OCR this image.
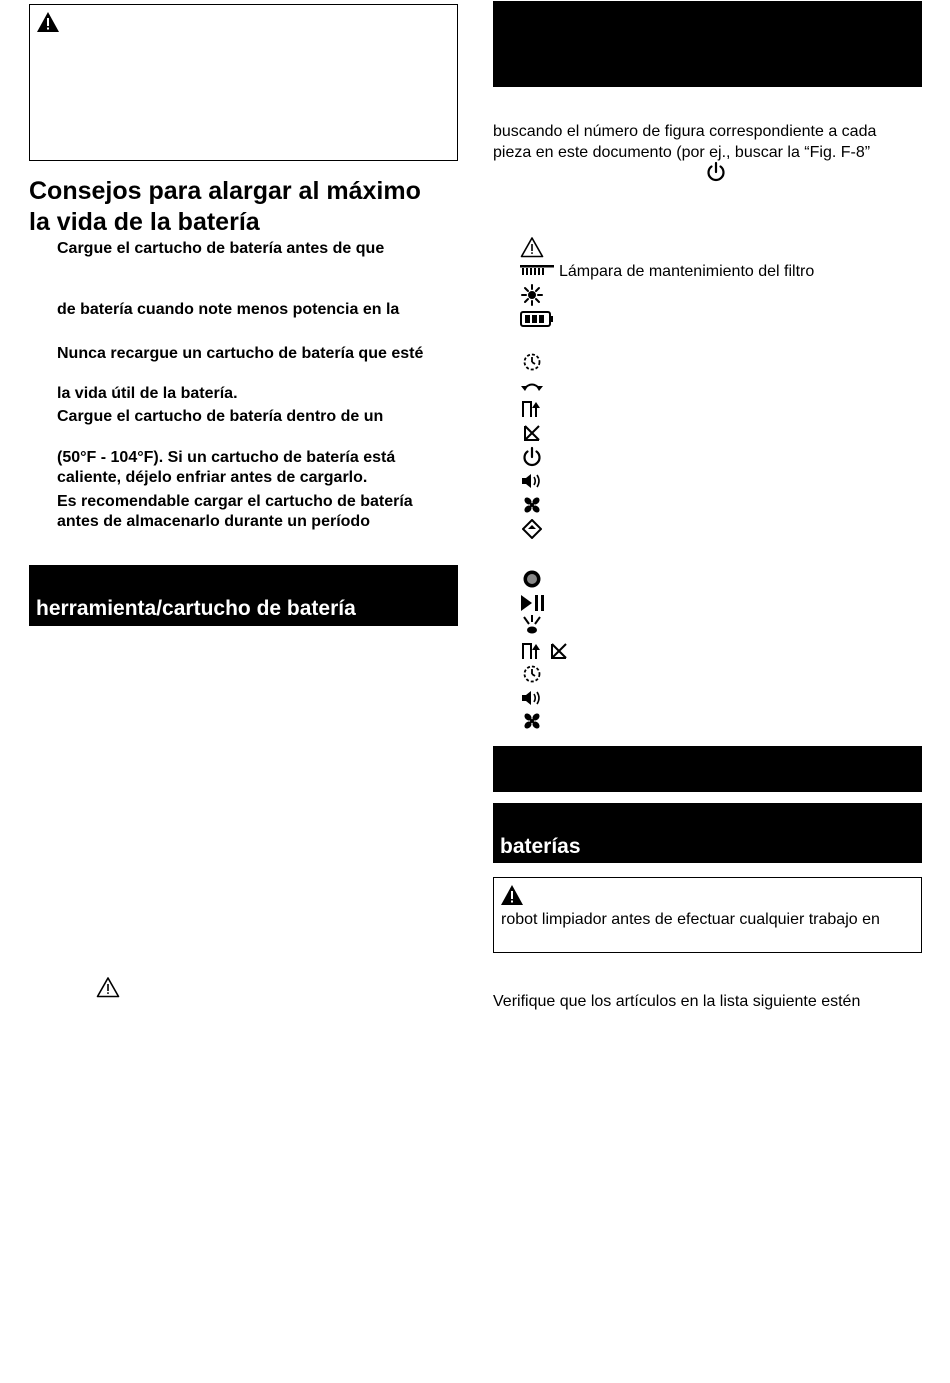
Consejos para alargar al máximo
la vida de la batería
Cargue el cartucho de batería antes de que
de batería cuando note menos potencia en la
Nunca recargue un cartucho de batería que esté
la vida útil de la batería.
Cargue el cartucho de batería dentro de un
(50°F - 104°F). Si un cartucho de batería está
caliente, déjelo enfriar antes de cargarlo.
Es recomendable cargar el cartucho de batería
antes de almacenarlo durante un período
herramienta/cartucho de batería
buscando el número de figura correspondiente a cada
pieza en este documento (por ej., buscar la “Fig. F-8”
Lámpara de mantenimiento del filtro
baterías
robot limpiador antes de efectuar cualquier trabajo en
Verifique que los artículos en la lista siguiente estén
